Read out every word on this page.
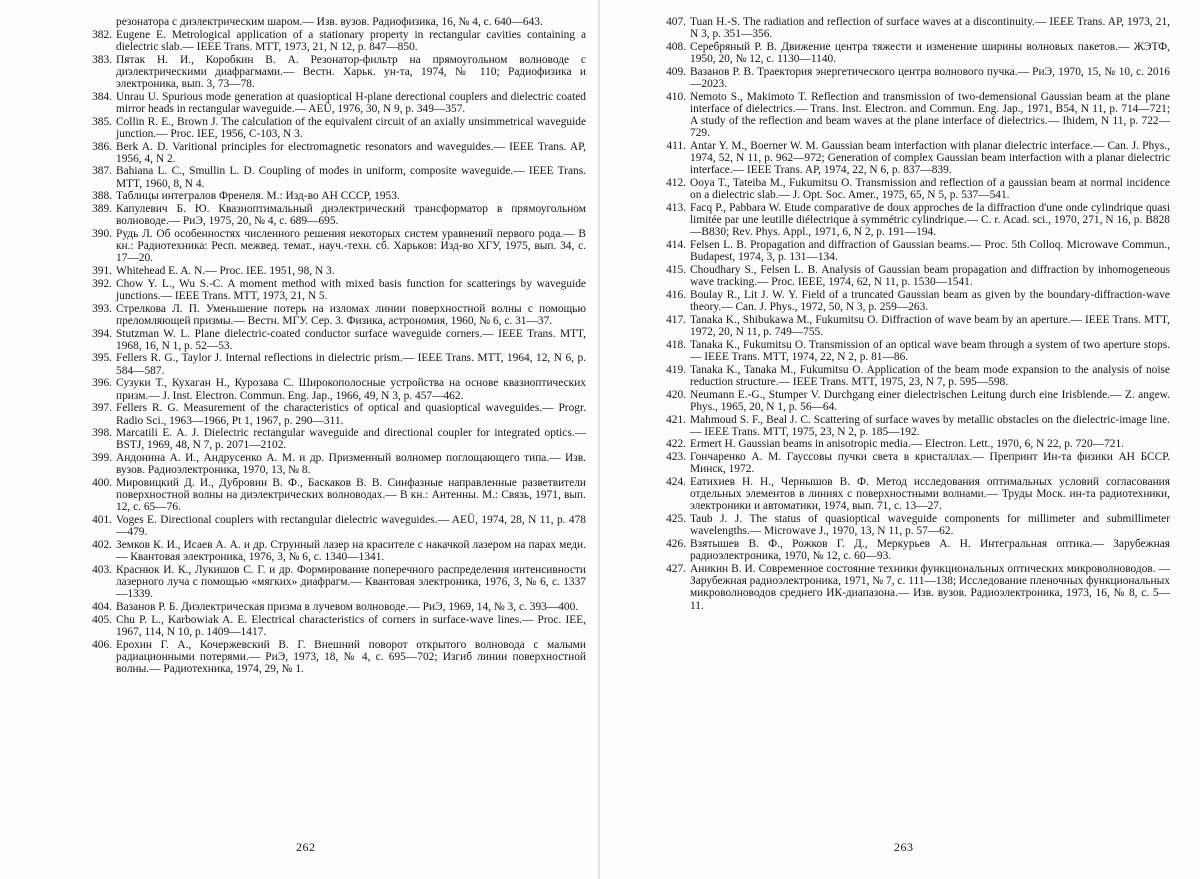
резонатора с диэлектрическим шаром.— Изв. вузов. Радиофизика, 16, № 4, с. 640—643.
382. Eugene E. Metrological application of a stationary property in rectangular cavities containing a dielectric slab.— IEEE Trans. MTT, 1973, 21, N 12, p. 847—850.
383. Пятак Н. И., Коробкин В. А. Резонатор-фильтр на прямоугольном волноводе с диэлектрическими диафрагмами.— Вестн. Харьк. ун-та, 1974, № 110; Радиофизика и электроника, вып. 3, 73—78.
384. Unrau U. Spurious mode generation at quasioptical H-plane derectional couplers and dielectric coated mirror heads in rectangular waveguide.— AEÜ, 1976, 30, N 9, p. 349—357.
385. Collin R. E., Brown J. The calculation of the equivalent circuit of an axially unsimmetrical waveguide junction.— Proc. IEE, 1956, C-103, N 3.
386. Berk A. D. Varitional principles for electromagnetic resonators and waveguides.— IEEE Trans. AP, 1956, 4, N 2.
387. Bahiana L. C., Smullin L. D. Coupling of modes in uniform, composite waveguide.— IEEE Trans. MTT, 1960, 8, N 4.
388. Таблицы интегралов Френеля. М.: Изд-во АН СССР, 1953.
389. Капулевич Б. Ю. Квазиоптимальный диэлектрический трансформатор в прямоугольном волноводе.— РиЭ, 1975, 20, № 4, с. 689—695.
390. Рудь Л. Об особенностях численного решения некоторых систем уравнений первого рода.— В кн.: Радиотехника: Респ. межвед. темат., науч.-техн. сб. Харьков: Изд-во ХГУ, 1975, вып. 34, с. 17—20.
391. Whitehead E. A. N.— Proc. IEE. 1951, 98, N 3.
392. Chow Y. L., Wu S.-C. A moment method with mixed basis function for scatterings by waveguide junctions.— IEEE Trans. MTT, 1973, 21, N 5.
393. Стрелкова Л. П. Уменьшение потерь на изломах линии поверхностной волны с помощью преломляющей призмы.— Вестн. МГУ. Сер. 3. Физика, астрономия, 1960, № 6, с. 31—37.
394. Stutzman W. L. Plane dielectric-coated conductor surface waveguide corners.— IEEE Trans. MTT, 1968, 16, N 1, p. 52—53.
395. Fellers R. G., Taylor J. Internal reflections in dielectric prism.— IEEE Trans. MTT, 1964, 12, N 6, p. 584—587.
396. Сузуки Т., Кухаган Н., Курозава С. Широкополосные устройства на основе квазиоптических призм.— J. Inst. Electron. Commun. Eng. Jap., 1966, 49, N 3, p. 457—462.
397. Fellers R. G. Measurement of the characteristics of optical and quasioptical waveguides.— Progr. Radio Sci., 1963—1966, Pt 1, 1967, p. 290—311.
398. Marcatili E. A. J. Dielectric rectangular waveguide and directional coupler for integrated optics.— BSTJ, 1969, 48, N 7, p. 2071—2102.
399. Андонина А. И., Андрусенко А. М. и др. Призменный волномер поглощающего типа.— Изв. вузов. Радиоэлектроника, 1970, 13, № 8.
400. Мировицкий Д. И., Дубровин В. Ф., Баскаков В. В. Синфазные направленные разветвители поверхностной волны на диэлектрических волноводах.— В кн.: Антенны. М.: Связь, 1971, вып. 12, с. 65—76.
401. Voges E. Directional couplers with rectangular dielectric waveguides.— AEÜ, 1974, 28, N 11, p. 478—479.
402. Земков К. И., Исаев А. А. и др. Струнный лазер на красителе с накачкой лазером на парах меди.— Квантовая электроника, 1976, 3, № 6, с. 1340—1341.
403. Краснюк И. К., Лукишов С. Г. и др. Формирование поперечного распределения интенсивности лазерного луча с помощью «мягких» диафрагм.— Квантовая электроника, 1976, 3, № 6, с. 1337—1339.
404. Вазанов Р. Б. Диэлектрическая призма в лучевом волноводе.— РиЭ, 1969, 14, № 3, с. 393—400.
405. Chu P. L., Karbowiak A. E. Electrical characteristics of corners in surface-wave lines.— Proc. IEE, 1967, 114, N 10, p. 1409—1417.
406. Ерохин Г. А., Кочержевский В. Г. Внешний поворот открытого волновода с малыми радиационными потерями.— РиЭ, 1973, 18, № 4, с. 695—702; Изгиб линии поверхностной волны.— Радиотехника, 1974, 29, № 1.
407. Tuan H.-S. The radiation and reflection of surface waves at a discontinuity.— IEEE Trans. AP, 1973, 21, N 3, p. 351—356.
408. Серебряный Р. В. Движение центра тяжести и изменение ширины волновых пакетов.— ЖЭТФ, 1950, 20, № 12, с. 1130—1140.
409. Вазанов Р. В. Траектория энергетического центра волнового пучка.— РиЭ, 1970, 15, № 10, с. 2016—2023.
410. Nemoto S., Makimoto T. Reflection and transmission of two-demensional Gaussian beam at the plane interface of dielectrics.— Trans. Inst. Electron. and Commun. Eng. Jap., 1971, B54, N 11, p. 714—721; A study of the reflection and beam waves at the plane interface of dielectrics.— Ihidem, N 11, p. 722—729.
411. Antar Y. M., Boerner W. M. Gaussian beam interfaction with planar dielectric interface.— Can. J. Phys., 1974, 52, N 11, p. 962—972; Generation of complex Gaussian beam interfaction with a planar dielectric interface.— IEEE Trans. AP, 1974, 22, N 6, p. 837—839.
412. Ooya T., Tateiba M., Fukumitsu O. Transmission and reflection of a gaussian beam at normal incidence on a dielectric slab.— J. Opt. Soc. Amer., 1975, 65, N 5, p. 537—541.
413. Facq P., Pabbara W. Etude comparative de doux approches de la diffraction d'une onde cylindrique quasi limitée par une leutille diélectrique à symmétric cylindrique.— C. r. Acad. sci., 1970, 271, N 16, p. B828—B830; Rev. Phys. Appl., 1971, 6, N 2, p. 191—194.
414. Felsen L. B. Propagation and diffraction of Gaussian beams.— Proc. 5th Colloq. Microwave Commun., Budapest, 1974, 3, p. 131—134.
415. Choudhary S., Felsen L. B. Analysis of Gaussian beam propagation and diffraction by inhomogeneous wave tracking.— Proc. IEEE, 1974, 62, N 11, p. 1530—1541.
416. Boulay R., Lit J. W. Y. Field of a truncated Gaussian beam as given by the boundary-diffraction-wave theory.— Can. J. Phys., 1972, 50, N 3, p. 259—263.
417. Tanaka K., Shibukawa M., Fukumitsu O. Diffraction of wave beam by an aperture.— IEEE Trans. MTT, 1972, 20, N 11, p. 749—755.
418. Tanaka K., Fukumitsu O. Transmission of an optical wave beam through a system of two aperture stops.— IEEE Trans. MTT, 1974, 22, N 2, p. 81—86.
419. Tanaka K., Tanaka M., Fukumitsu O. Application of the beam mode expansion to the analysis of noise reduction structure.— IEEE Trans. MTT, 1975, 23, N 7, p. 595—598.
420. Neumann E.-G., Stumper V. Durchgang einer dielectrischen Leitung durch eine Irisblende.— Z. angew. Phys., 1965, 20, N 1, p. 56—64.
421. Mahmoud S. F., Beal J. C. Scattering of surface waves by metallic obstacles on the dielectric-image line.— IEEE Trans. MTT, 1975, 23, N 2, p. 185—192.
422. Ermert H. Gaussian beams in anisotropic media.— Electron. Lett., 1970, 6, N 22, p. 720—721.
423. Гончаренко А. М. Гауссовы пучки света в кристаллах.— Препринт Ин-та физики АН БССР. Минск, 1972.
424. Еатихиев Н. Н., Чернышов В. Ф. Метод исследования оптимальных условий согласования отдельных элементов в линиях с поверхностными волнами.— Труды Моск. ин-та радиотехники, электроники и автоматики, 1974, вып. 71, с. 13—27.
425. Taub J. J. The status of quasioptical waveguide components for millimeter and submillimeter wavelengths.— Microwave J., 1970, 13, N 11, p. 57—62.
426. Взятышев В. Ф., Рожков Г. Д., Меркурьев А. Н. Интегральная оптика.— Зарубежная радиоэлектроника, 1970, № 12, с. 60—93.
427. Аникин В. И. Современное состояние техники функциональных оптических микроволноводов. — Зарубежная радиоэлектроника, 1971, № 7, с. 111—138; Исследование пленочных функциональных микроволноводов среднего ИК-диапазона.— Изв. вузов. Радиоэлектроника, 1973, 16, № 8, с. 5—11.
262	263
